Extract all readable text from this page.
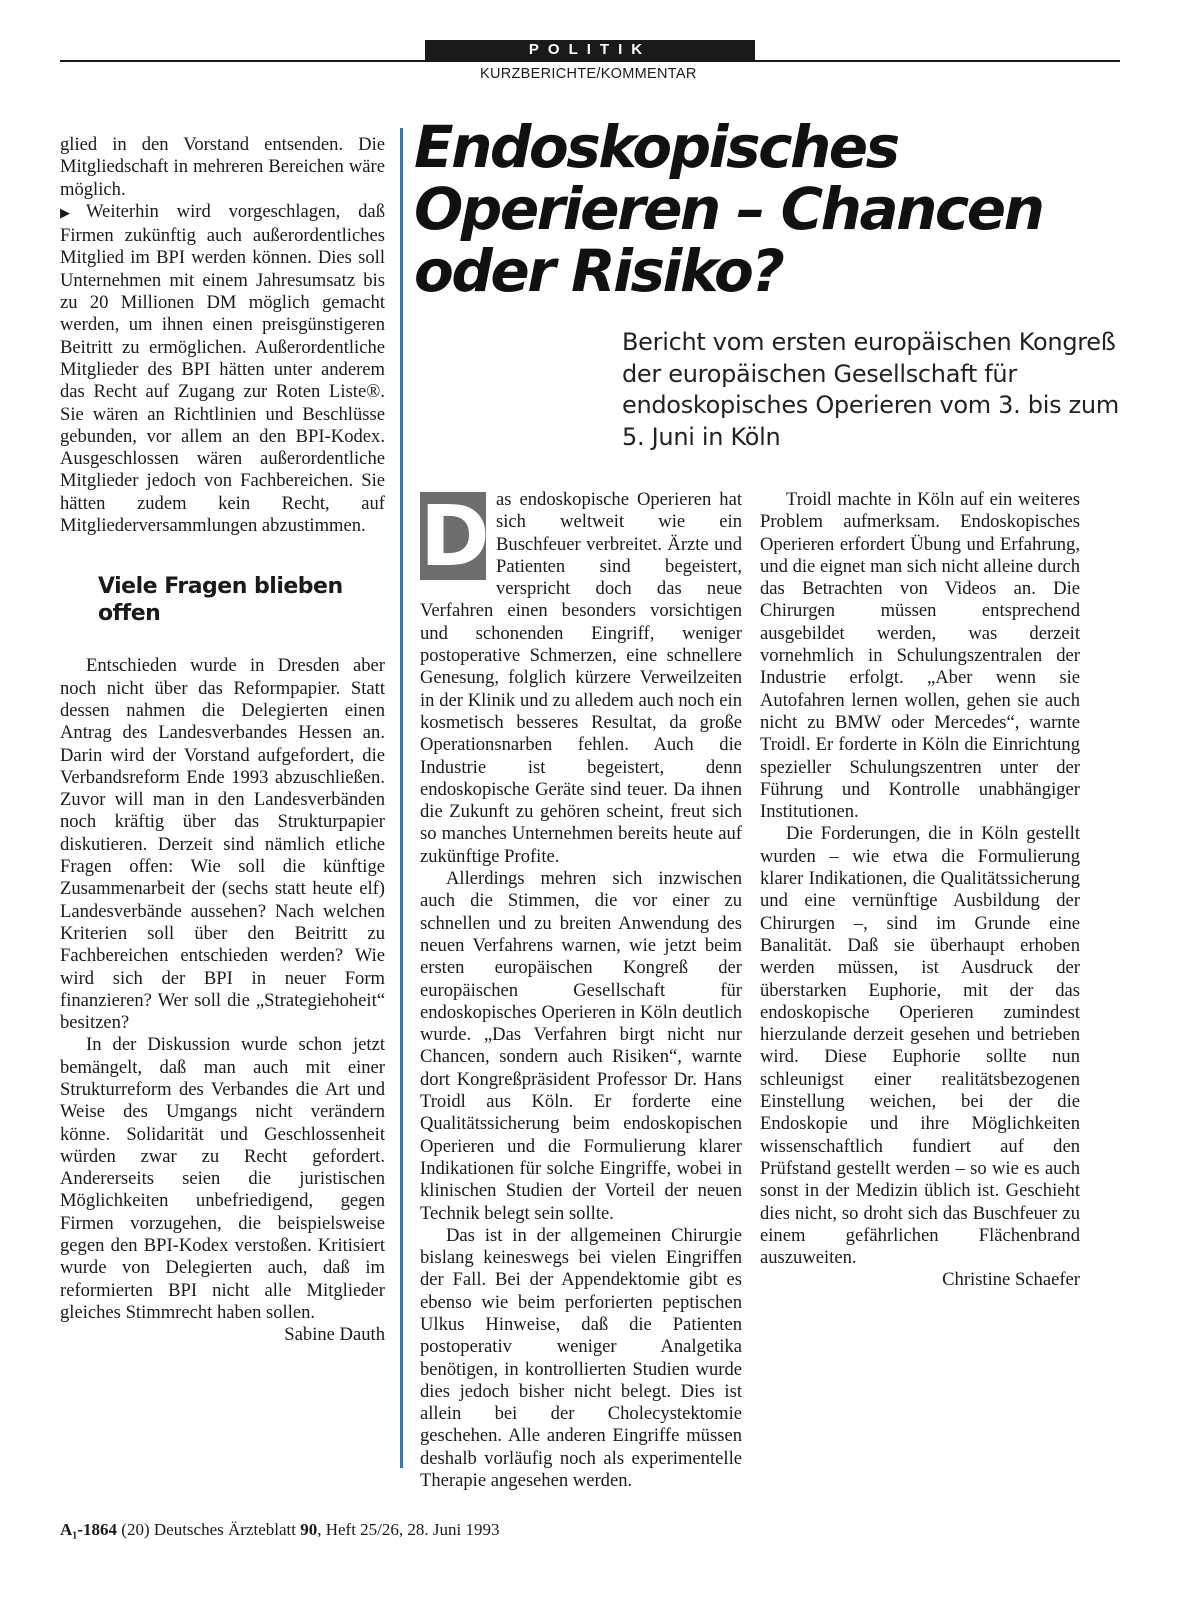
POLITIK
KURZBERICHTE/KOMMENTAR

glied in den Vorstand entsenden. Die Mitgliedschaft in mehreren Bereichen wäre möglich.

▶ Weiterhin wird vorgeschlagen, daß Firmen zukünftig auch außerordentliches Mitglied im BPI werden können. Dies soll Unternehmen mit einem Jahresumsatz bis zu 20 Millionen DM möglich gemacht werden, um ihnen einen preisgünstigeren Beitritt zu ermöglichen. Außerordentliche Mitglieder des BPI hätten unter anderem das Recht auf Zugang zur Roten Liste®. Sie wären an Richtlinien und Beschlüsse gebunden, vor allem an den BPI-Kodex. Ausgeschlossen wären außerordentliche Mitglieder jedoch von Fachbereichen. Sie hätten zudem kein Recht, auf Mitgliederversammlungen abzustimmen.

Viele Fragen blieben offen

Entschieden wurde in Dresden aber noch nicht über das Reformpapier. Statt dessen nahmen die Delegierten einen Antrag des Landesverbandes Hessen an. Darin wird der Vorstand aufgefordert, die Verbandsreform Ende 1993 abzuschließen. Zuvor will man in den Landesverbänden noch kräftig über das Strukturpapier diskutieren. Derzeit sind nämlich etliche Fragen offen: Wie soll die künftige Zusammenarbeit der (sechs statt heute elf) Landesverbände aussehen? Nach welchen Kriterien soll über den Beitritt zu Fachbereichen entschieden werden? Wie wird sich der BPI in neuer Form finanzieren? Wer soll die „Strategiehoheit“ besitzen?

In der Diskussion wurde schon jetzt bemängelt, daß man auch mit einer Strukturreform des Verbandes die Art und Weise des Umgangs nicht verändern könne. Solidarität und Geschlossenheit würden zwar zu Recht gefordert. Andererseits seien die juristischen Möglichkeiten unbefriedigend, gegen Firmen vorzugehen, die beispielsweise gegen den BPI-Kodex verstoßen. Kritisiert wurde von Delegierten auch, daß im reformierten BPI nicht alle Mitglieder gleiches Stimmrecht haben sollen.

Sabine Dauth
Endoskopisches Operieren – Chancen oder Risiko?
Bericht vom ersten europäischen Kongreß der europäischen Gesellschaft für endoskopisches Operieren vom 3. bis zum 5. Juni in Köln

D as endoskopische Operieren hat sich weltweit wie ein Buschfeuer verbreitet. Ärzte und Patienten sind begeistert, verspricht doch das neue Verfahren einen besonders vorsichtigen und schonenden Eingriff, weniger postoperative Schmerzen, eine schnellere Genesung, folglich kürzere Verweilzeiten in der Klinik und zu alledem auch noch ein kosmetisch besseres Resultat, da große Operationsnarben fehlen. Auch die Industrie ist begeistert, denn endoskopische Geräte sind teuer. Da ihnen die Zukunft zu gehören scheint, freut sich so manches Unternehmen bereits heute auf zukünftige Profite.

Allerdings mehren sich inzwischen auch die Stimmen, die vor einer zu schnellen und zu breiten Anwendung des neuen Verfahrens warnen, wie jetzt beim ersten europäischen Kongreß der europäischen Gesellschaft für endoskopisches Operieren in Köln deutlich wurde. „Das Verfahren birgt nicht nur Chancen, sondern auch Risiken“, warnte dort Kongreßpräsident Professor Dr. Hans Troidl aus Köln. Er forderte eine Qualitätssicherung beim endoskopischen Operieren und die Formulierung klarer Indikationen für solche Eingriffe, wobei in klinischen Studien der Vorteil der neuen Technik belegt sein sollte.

Das ist in der allgemeinen Chirurgie bislang keineswegs bei vielen Eingriffen der Fall. Bei der Appendektomie gibt es ebenso wie beim perforierten peptischen Ulkus Hinweise, daß die Patienten postoperativ weniger Analgetika benötigen, in kontrollierten Studien wurde dies jedoch bisher nicht belegt. Dies ist allein bei der Cholecystektomie geschehen. Alle anderen Eingriffe müssen deshalb vorläufig noch als experimentelle Therapie angesehen werden.

Troidl machte in Köln auf ein weiteres Problem aufmerksam. Endoskopisches Operieren erfordert Übung und Erfahrung, und die eignet man sich nicht alleine durch das Betrachten von Videos an. Die Chirurgen müssen entsprechend ausgebildet werden, was derzeit vornehmlich in Schulungszentralen der Industrie erfolgt. „Aber wenn sie Autofahren lernen wollen, gehen sie auch nicht zu BMW oder Mercedes“, warnte Troidl. Er forderte in Köln die Einrichtung spezieller Schulungszentren unter der Führung und Kontrolle unabhängiger Institutionen.

Die Forderungen, die in Köln gestellt wurden – wie etwa die Formulierung klarer Indikationen, die Qualitätssicherung und eine vernünftige Ausbildung der Chirurgen –, sind im Grunde eine Banalität. Daß sie überhaupt erhoben werden müssen, ist Ausdruck der überstarken Euphorie, mit der das endoskopische Operieren zumindest hierzulande derzeit gesehen und betrieben wird. Diese Euphorie sollte nun schleunigst einer realitätsbezogenen Einstellung weichen, bei der die Endoskopie und ihre Möglichkeiten wissenschaftlich fundiert auf den Prüfstand gestellt werden – so wie es auch sonst in der Medizin üblich ist. Geschieht dies nicht, so droht sich das Buschfeuer zu einem gefährlichen Flächenbrand auszuweiten.

Christine Schaefer
A₁-1864 (20) Deutsches Ärzteblatt 90, Heft 25/26, 28. Juni 1993
